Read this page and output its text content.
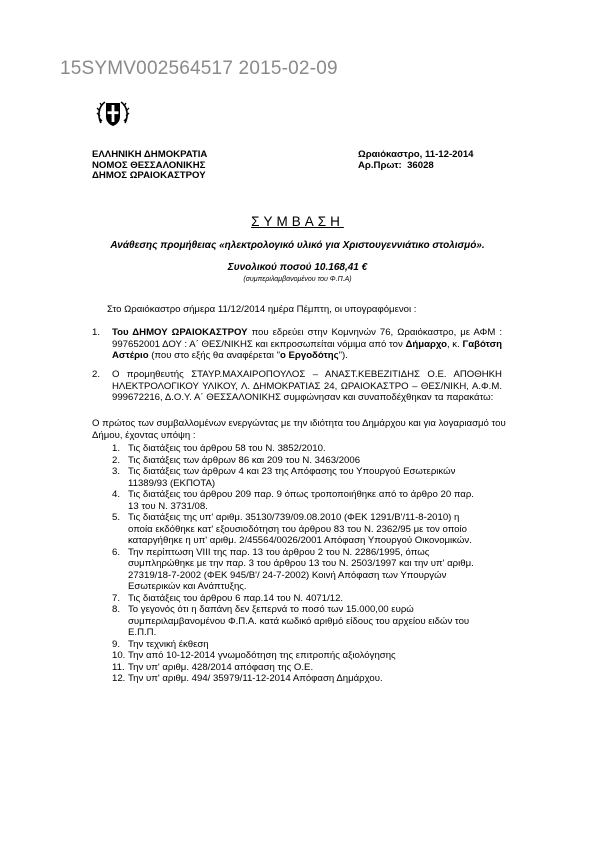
15SYMV002564517 2015-02-09
ΕΛΛΗΝΙΚΗ ΔΗΜΟΚΡΑΤΙΑ
ΝΟΜΟΣ ΘΕΣΣΑΛΟΝΙΚΗΣ
ΔΗΜΟΣ ΩΡΑΙΟΚΑΣΤΡΟΥ
Ωραιόκαστρο, 11-12-2014
Αρ.Πρωτ: 36028
ΣΥΜΒΑΣΗ
Ανάθεσης προμήθειας «ηλεκτρολογικό υλικό για Χριστουγεννιάτικο στολισμό».
Συνολικού ποσού 10.168,41 €
(συμπεριλαμβανομένου του Φ.Π.Α)
Στο Ωραιόκαστρο σήμερα 11/12/2014 ημέρα Πέμπτη, οι υπογραφόμενοι :
1. Του ΔΗΜΟΥ ΩΡΑΙΟΚΑΣΤΡΟΥ που εδρεύει στην Κομνηνών 76, Ωραιόκαστρο, με ΑΦΜ : 997652001 ΔΟΥ : Α΄ ΘΕΣ/ΝΙΚΗΣ και εκπροσωπείται νόμιμα από τον Δήμαρχο, κ. Γαβότση Αστέριο (που στο εξής θα αναφέρεται "ο Εργοδότης").
2. Ο προμηθευτής ΣΤΑΥΡ.ΜΑΧΑΙΡΟΠΟΥΛΟΣ – ΑΝΑΣΤ.ΚΕΒΕΖΙΤΙΔΗΣ Ο.Ε. ΑΠΟΘΗΚΗ ΗΛΕΚΤΡΟΛΟΓΙΚΟΥ ΥΛΙΚΟΥ, Λ. ΔΗΜΟΚΡΑΤΙΑΣ 24, ΩΡΑΙΟΚΑΣΤΡΟ – ΘΕΣ/ΝΙΚΗ, Α.Φ.Μ. 999672216, Δ.Ο.Υ. Α΄ ΘΕΣΣΑΛΟΝΙΚΗΣ συμφώνησαν και συναποδέχθηκαν τα παρακάτω:
Ο πρώτος των συμβαλλομένων ενεργώντας με την ιδιότητα του Δημάρχου και για λογαριασμό του Δήμου, έχοντας υπόψη :
1. Τις διατάξεις του άρθρου 58 του Ν. 3852/2010.
2. Τις διατάξεις των άρθρων 86 και 209 του Ν. 3463/2006
3. Τις διατάξεις των άρθρων 4 και 23 της Απόφασης του Υπουργού Εσωτερικών 11389/93 (ΕΚΠΟΤΑ)
4. Τις διατάξεις του άρθρου 209 παρ. 9 όπως τροποποιήθηκε από το άρθρο 20 παρ. 13 του Ν. 3731/08.
5. Τις διατάξεις της υπ' αριθμ. 35130/739/09.08.2010 (ΦΕΚ 1291/Β'/11-8-2010) η οποία εκδόθηκε κατ' εξουσιοδότηση του άρθρου 83 του Ν. 2362/95 με τον οποίο καταργήθηκε η υπ' αριθμ. 2/45564/0026/2001 Απόφαση Υπουργού Οικονομικών.
6. Την περίπτωση VIII της παρ. 13 του άρθρου 2 του Ν. 2286/1995, όπως συμπληρώθηκε με την παρ. 3 του άρθρου 13 του Ν. 2503/1997 και την υπ' αριθμ. 27319/18-7-2002 (ΦΕΚ 945/Β'/ 24-7-2002) Κοινή Απόφαση των Υπουργών Εσωτερικών και Ανάπτυξης.
7. Τις διατάξεις του άρθρου 6 παρ.14 του Ν. 4071/12.
8. Το γεγονός ότι η δαπάνη δεν ξεπερνά το ποσό των 15.000,00 ευρώ συμπεριλαμβανομένου Φ.Π.Α. κατά κωδικό αριθμό είδους του αρχείου ειδών του Ε.Π.Π.
9. Την τεχνική έκθεση
10. Την από 10-12-2014 γνωμοδότηση της επιτροπής αξιολόγησης
11. Την υπ' αριθμ. 428/2014 απόφαση της Ο.Ε.
12. Την υπ' αριθμ. 494/ 35979/11-12-2014 Απόφαση Δημάρχου.
